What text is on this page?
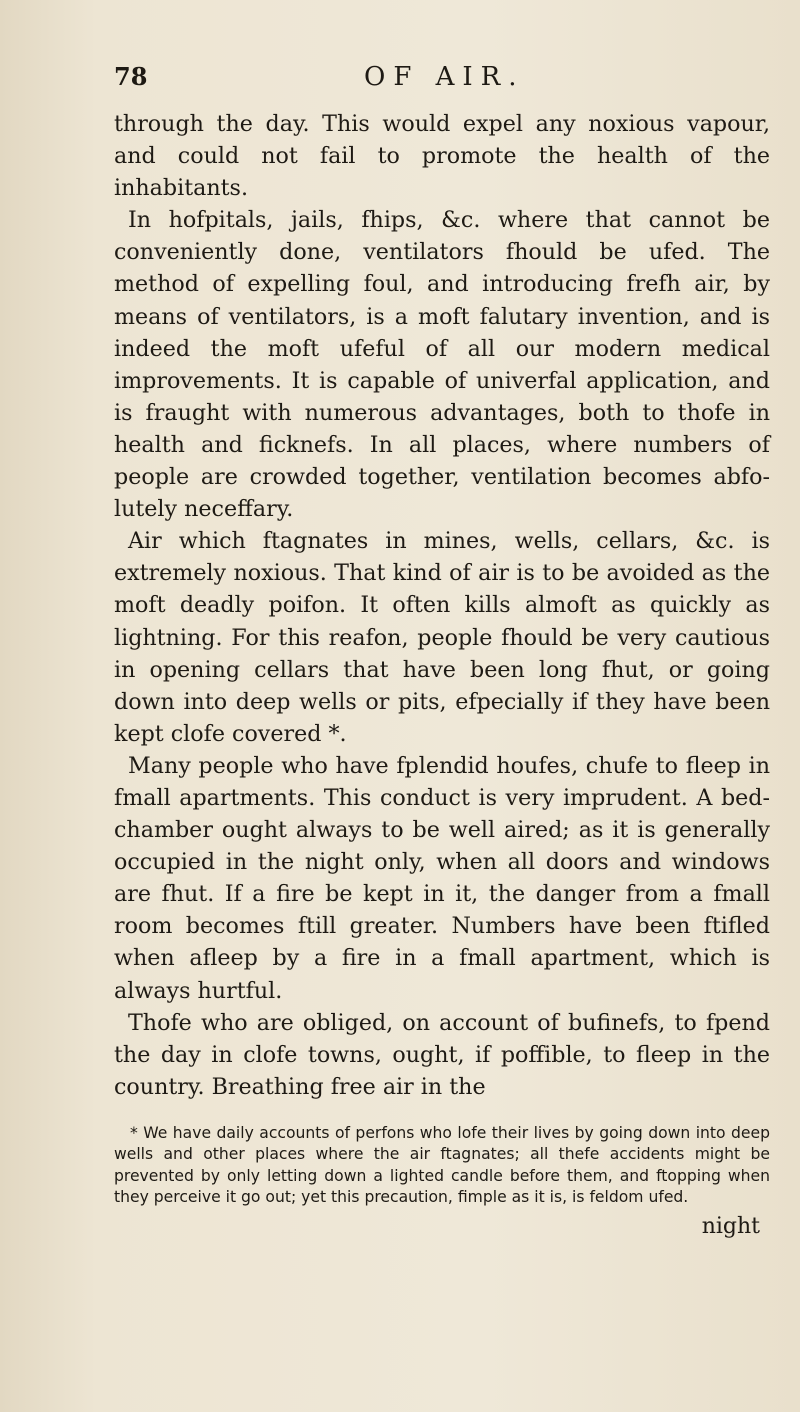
78	OF AIR.

through the day. This would expel any noxious vapour, and could not fail to promote the health of the inhabitants.

In hofpitals, jails, fhips, &c. where that cannot be conveniently done, ventilators fhould be ufed. The method of expelling foul, and introducing frefh air, by means of ventilators, is a moft falutary invention, and is indeed the moft ufeful of all our modern medical improvements. It is capable of univerfal application, and is fraught with numerous advantages, both to thofe in health and ficknefs. In all places, where numbers of people are crowded together, ventilation becomes abfolutely neceffary.

Air which ftagnates in mines, wells, cellars, &c. is extremely noxious. That kind of air is to be avoided as the moft deadly poifon. It often kills almoft as quickly as lightning. For this reafon, people fhould be very cautious in opening cellars that have been long fhut, or going down into deep wells or pits, efpecially if they have been kept clofe covered *.

Many people who have fplendid houfes, chufe to fleep in fmall apartments. This conduct is very imprudent. A bed-chamber ought always to be well aired; as it is generally occupied in the night only, when all doors and windows are fhut. If a fire be kept in it, the danger from a fmall room becomes ftill greater. Numbers have been ftifled when afleep by a fire in a fmall apartment, which is always hurtful.

Thofe who are obliged, on account of bufinefs, to fpend the day in clofe towns, ought, if poffible, to fleep in the country. Breathing free air in the

* We have daily accounts of perfons who lofe their lives by going down into deep wells and other places where the air ftagnates; all thefe accidents might be prevented by only letting down a lighted candle before them, and ftopping when they perceive it go out; yet this precaution, fimple as it is, is feldom ufed.
night
